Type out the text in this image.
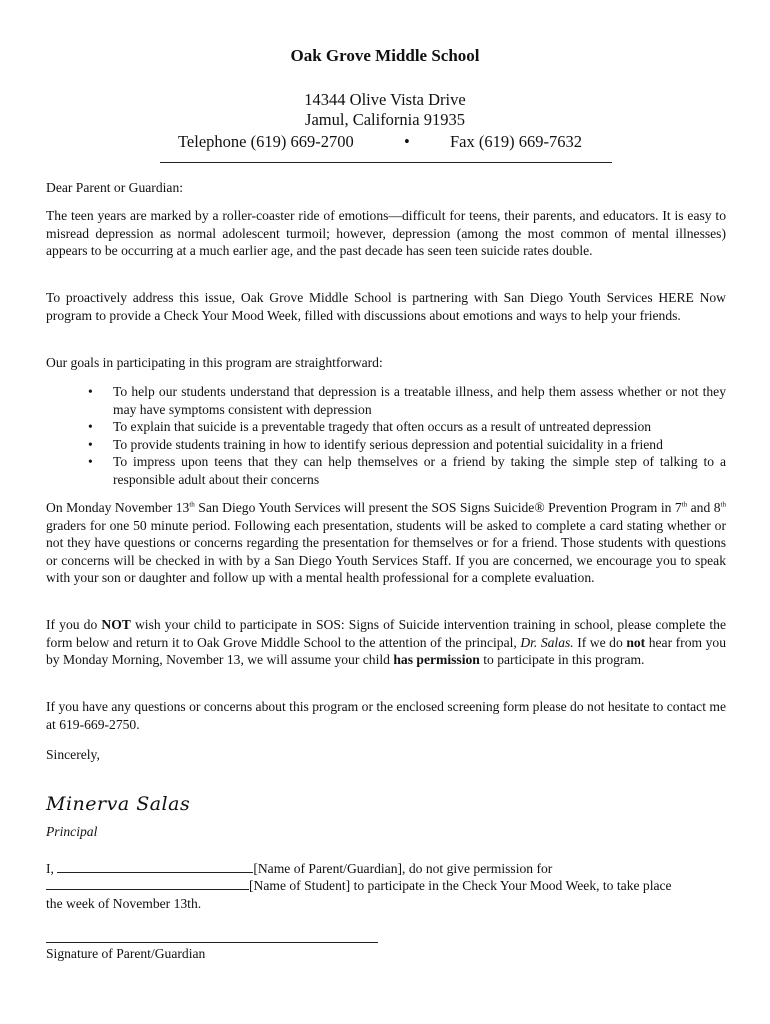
Oak Grove Middle School
14344 Olive Vista Drive
Jamul, California 91935
Telephone (619) 669-2700	• Fax (619) 669-7632
Dear Parent or Guardian:
The teen years are marked by a roller-coaster ride of emotions—difficult for teens, their parents, and educators. It is easy to misread depression as normal adolescent turmoil; however, depression (among the most common of mental illnesses) appears to be occurring at a much earlier age, and the past decade has seen teen suicide rates double.
To proactively address this issue, Oak Grove Middle School is partnering with San Diego Youth Services HERE Now program to provide a Check Your Mood Week, filled with discussions about emotions and ways to help your friends.
Our goals in participating in this program are straightforward:
• To help our students understand that depression is a treatable illness, and help them assess whether or not they may have symptoms consistent with depression
• To explain that suicide is a preventable tragedy that often occurs as a result of untreated depression
• To provide students training in how to identify serious depression and potential suicidality in a friend
• To impress upon teens that they can help themselves or a friend by taking the simple step of talking to a responsible adult about their concerns
On Monday November 13th San Diego Youth Services will present the SOS Signs Suicide® Prevention Program in 7th and 8th graders for one 50 minute period. Following each presentation, students will be asked to complete a card stating whether or not they have questions or concerns regarding the presentation for themselves or for a friend. Those students with questions or concerns will be checked in with by a San Diego Youth Services Staff. If you are concerned, we encourage you to speak with your son or daughter and follow up with a mental health professional for a complete evaluation.
If you do NOT wish your child to participate in SOS: Signs of Suicide intervention training in school, please complete the form below and return it to Oak Grove Middle School to the attention of the principal, Dr. Salas. If we do not hear from you by Monday Morning, November 13, we will assume your child has permission to participate in this program.
If you have any questions or concerns about this program or the enclosed screening form please do not hesitate to contact me at 619-669-2750.
Sincerely,
Minerva Salas
Principal
I,	[Name of Parent/Guardian], do not give permission for
[Name of Student] to participate in the Check Your Mood Week, to take place
the week of November 13th.
Signature of Parent/Guardian
